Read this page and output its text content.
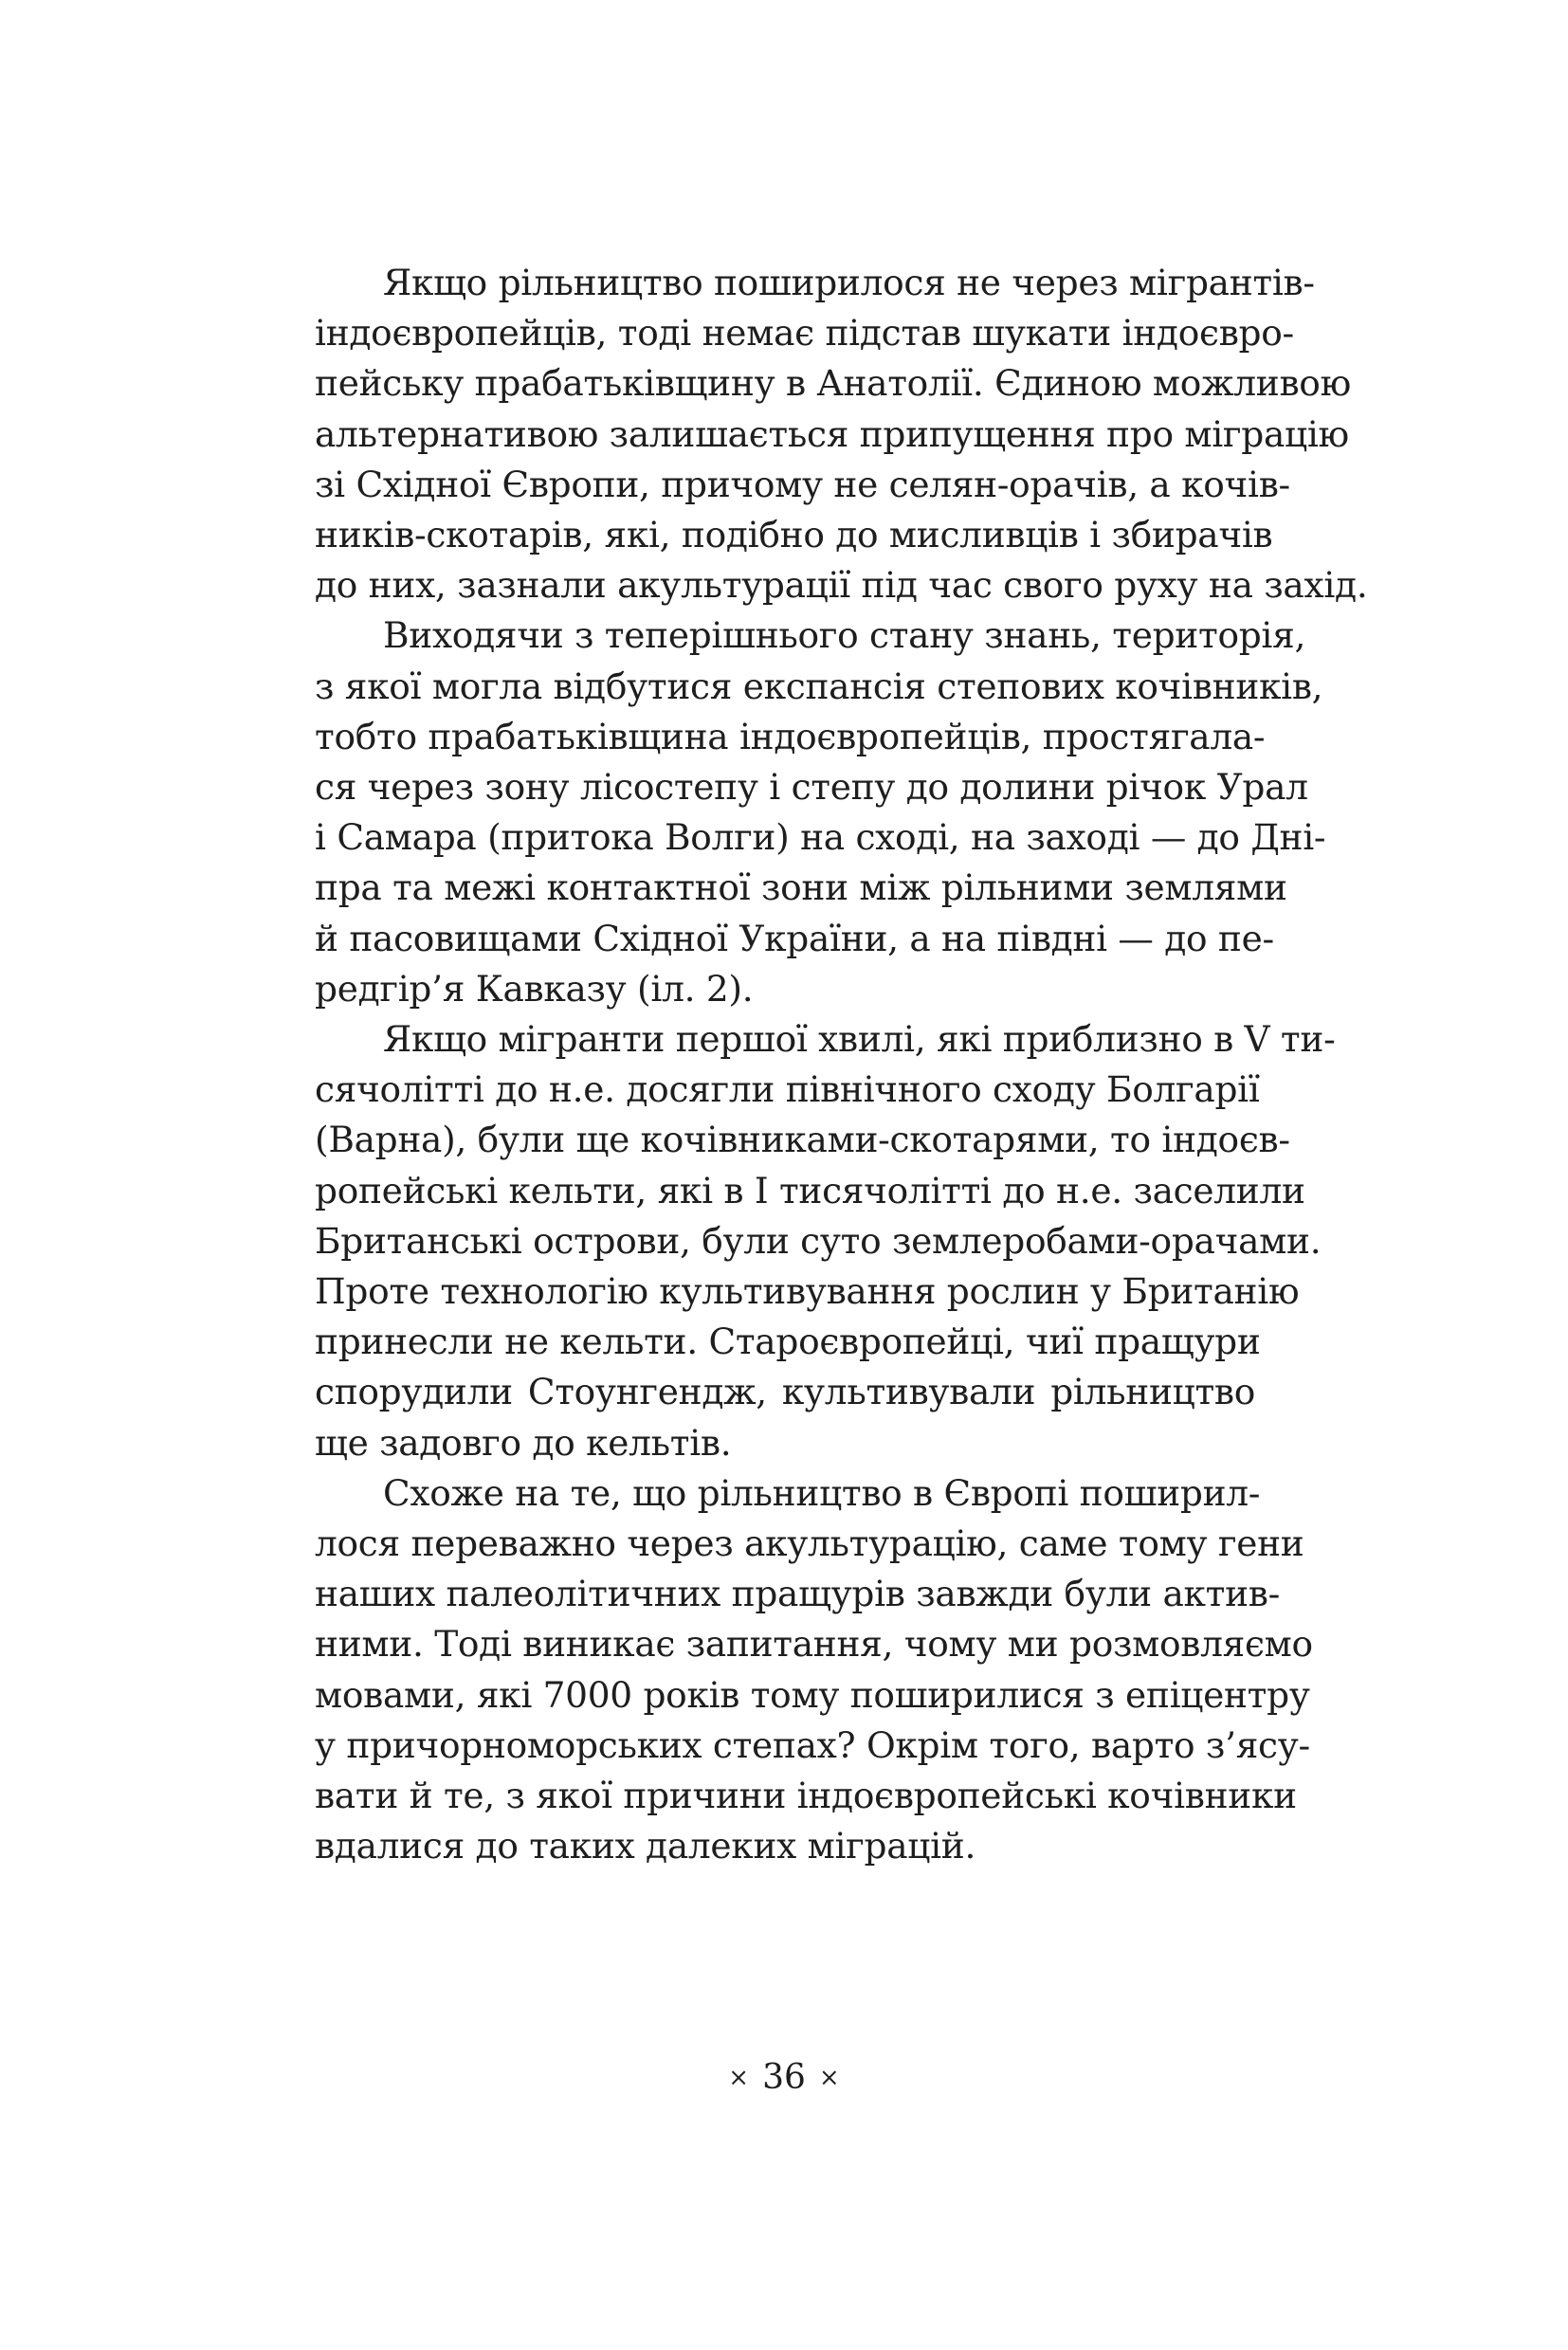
Якщо рільництво поширилося не через мігрантів-
індоєвропейців, тоді немає підстав шукати індоєвро-
пейську прабатьківщину в Анатолії. Єдиною можливою
альтернативою залишається припущення про міграцію
зі Східної Європи, причому не селян-орачів, а кочів-
ників-скотарів, які, подібно до мисливців і збирачів
до них, зазнали акультурації під час свого руху на захід.

Виходячи з теперішнього стану знань, територія,
з якої могла відбутися експансія степових кочівників,
тобто прабатьківщина індоєвропейців, простягала-
ся через зону лісостепу і степу до долини річок Урал
і Самара (притока Волги) на сході, на заході — до Дні-
пра та межі контактної зони між рільними землями
й пасовищами Східної України, а на півдні — до пе-
редгір’я Кавказу (іл. 2).

Якщо мігранти першої хвилі, які приблизно в V ти-
сячолітті до н.е. досягли північного сходу Болгарії
(Варна), були ще кочівниками-скотарями, то індоєв-
ропейські кельти, які в I тисячолітті до н.е. заселили
Британські острови, були суто землеробами-орачами.
Проте технологію культивування рослин у Британію
принесли не кельти. Староєвропейці, чиї пращури
спорудили Стоунгендж, культивували рільництво
ще задовго до кельтів.

Схоже на те, що рільництво в Європі поширил-
лося переважно через акультурацію, саме тому гени
наших палеолітичних пращурів завжди були актив-
ними. Тоді виникає запитання, чому ми розмовляємо
мовами, які 7000 років тому поширилися з епіцентру
у причорноморських степах? Окрім того, варто з’ясу-
вати й те, з якої причини індоєвропейські кочівники
вдалися до таких далеких міграцій.

× 36 ×
